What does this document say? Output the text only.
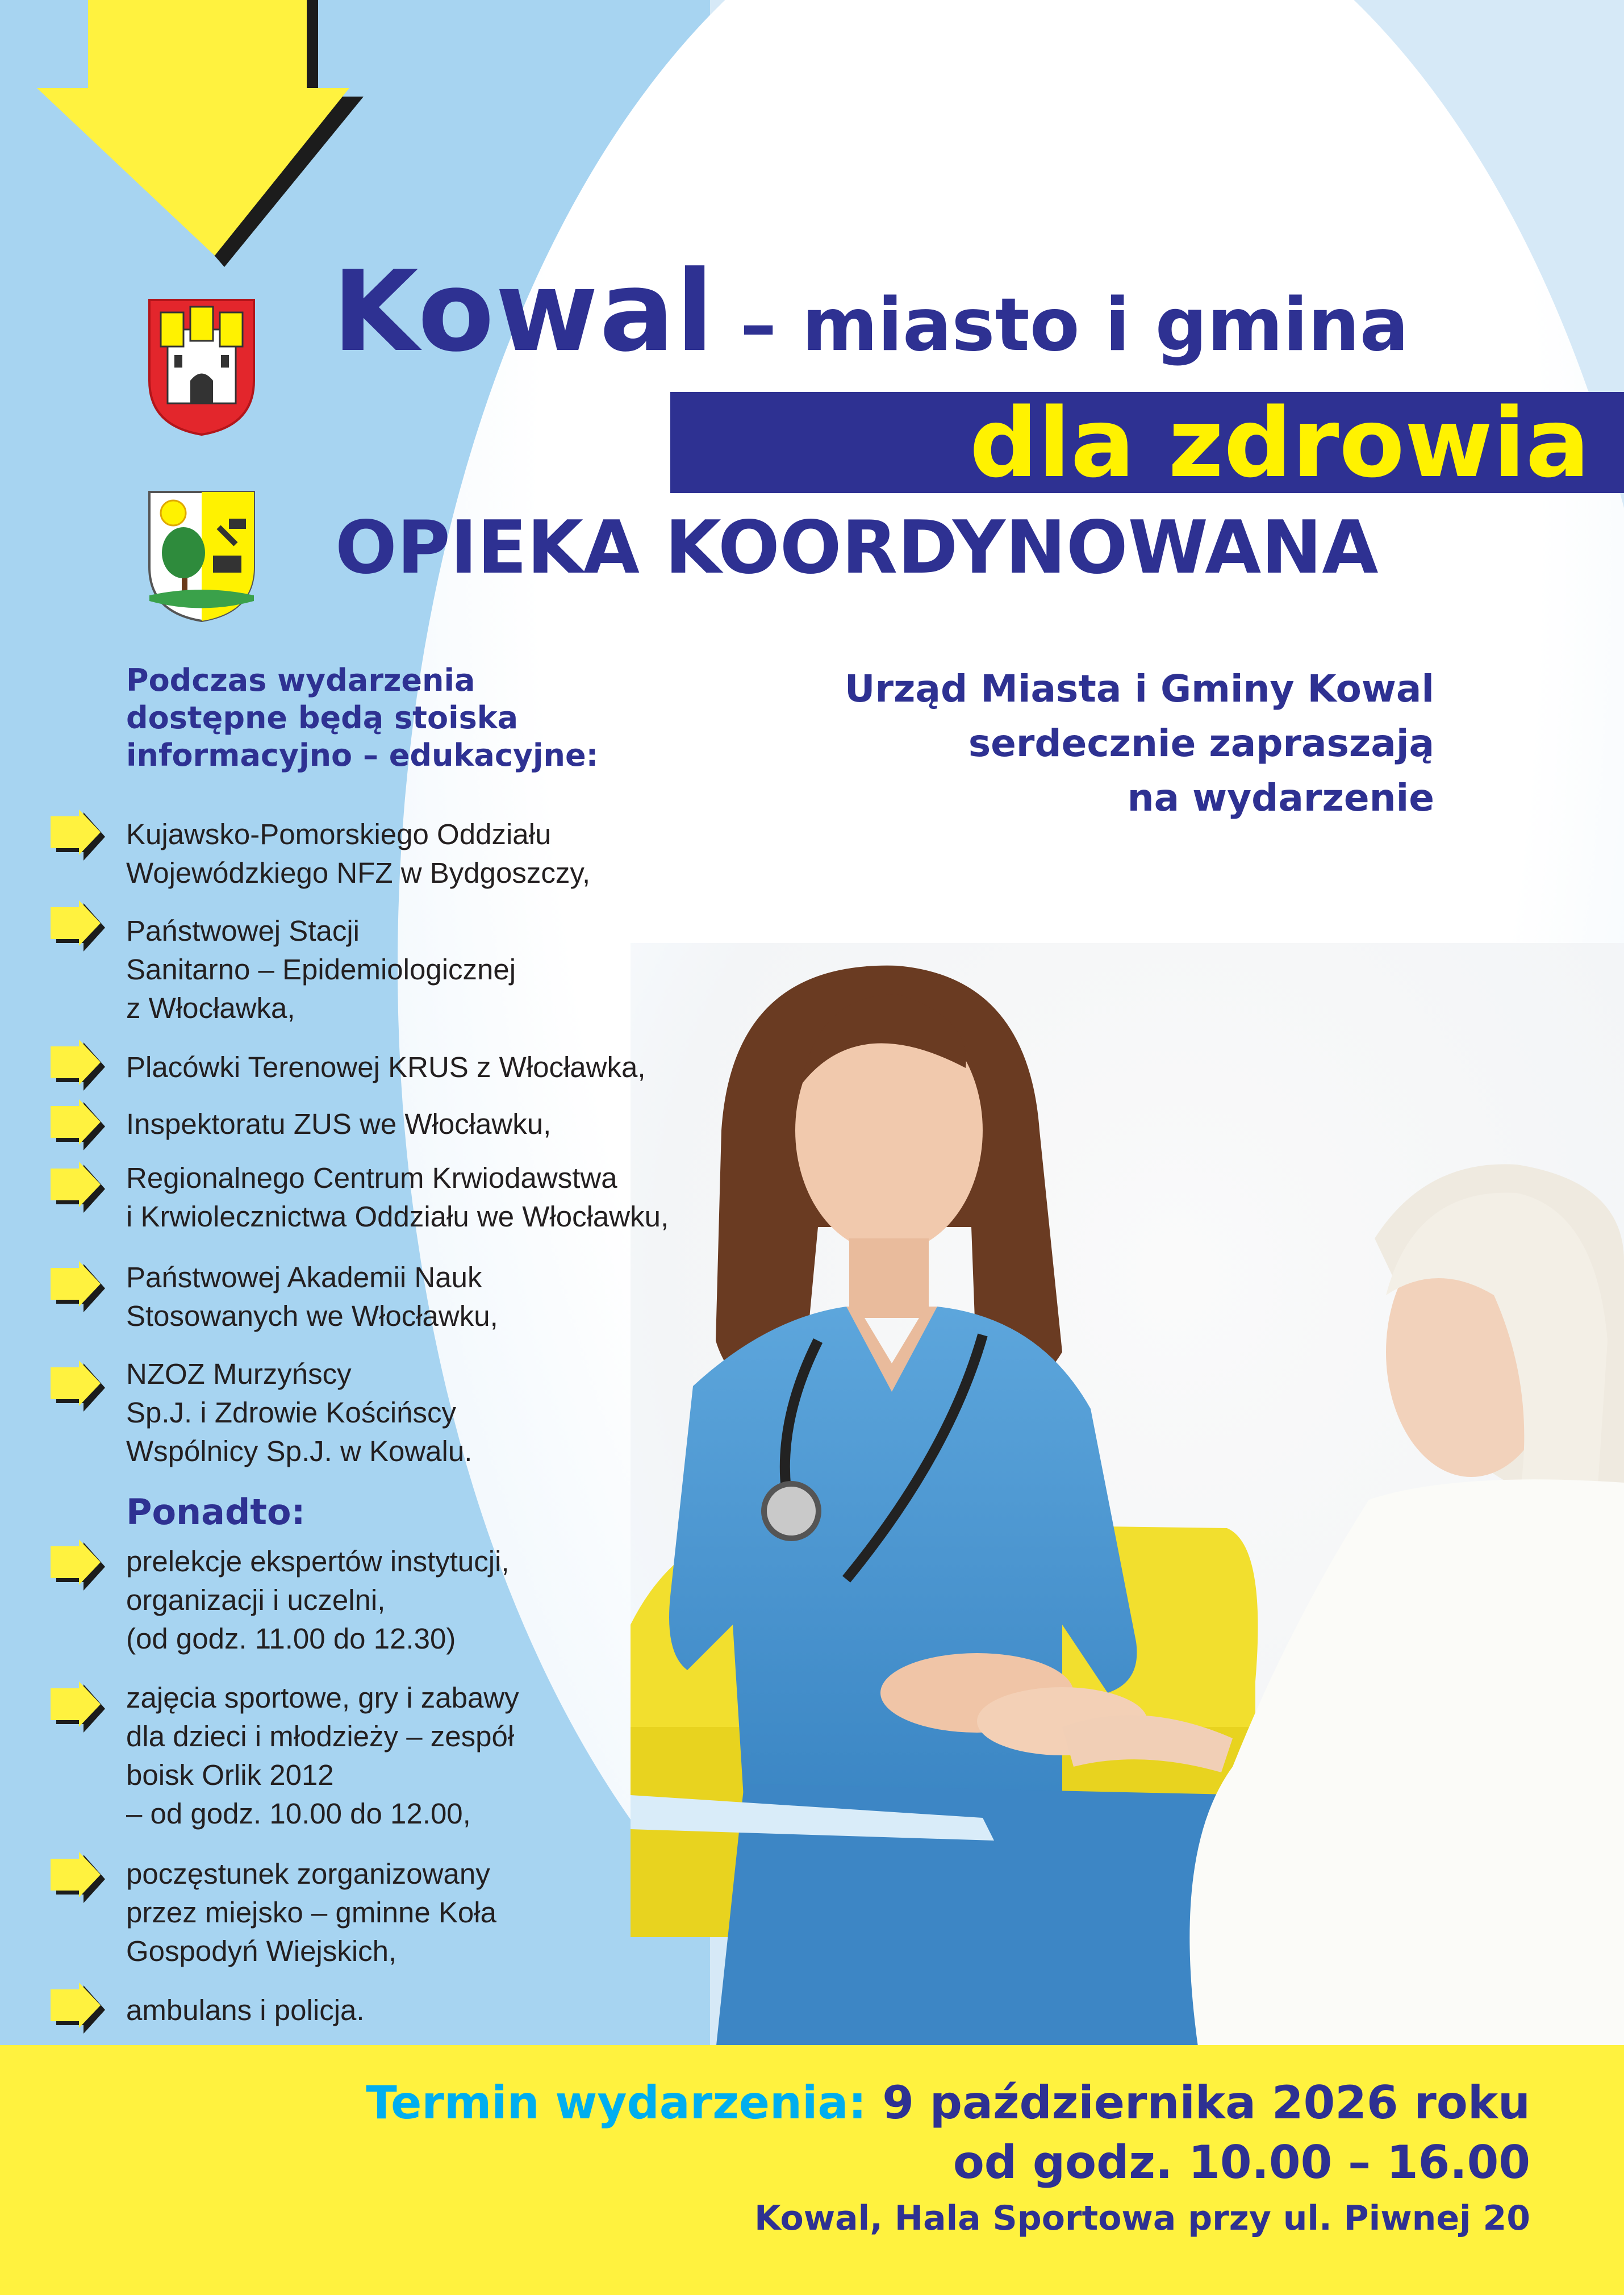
Kowal – miasto i gmina
dla zdrowia
OPIEKA KOORDYNOWANA
Podczas wydarzenia
dostępne będą stoiska
informacyjno – edukacyjne:
Urząd Miasta i Gminy Kowal
serdecznie zapraszają
na wydarzenie
Kujawsko-Pomorskiego Oddziału
Wojewódzkiego NFZ w Bydgoszczy,
Państwowej Stacji
Sanitarno – Epidemiologicznej
z Włocławka,
Placówki Terenowej KRUS z Włocławka,
Inspektoratu ZUS we Włocławku,
Regionalnego Centrum Krwiodawstwa
i Krwiolecznictwa Oddziału we Włocławku,
Państwowej Akademii Nauk
Stosowanych we Włocławku,
NZOZ Murzyńscy
Sp.J. i Zdrowie Kościńscy
Wspólnicy Sp.J. w Kowalu.
Ponadto:
prelekcje ekspertów instytucji,
organizacji i uczelni,
(od godz. 11.00 do 12.30)
zajęcia sportowe, gry i zabawy
dla dzieci i młodzieży – zespół
boisk Orlik 2012
– od godz. 10.00 do 12.00,
poczęstunek zorganizowany
przez miejsko – gminne Koła
Gospodyń Wiejskich,
ambulans i policja.
Termin wydarzenia: 9 października 2026 roku
od godz. 10.00 – 16.00
Kowal, Hala Sportowa przy ul. Piwnej 20
